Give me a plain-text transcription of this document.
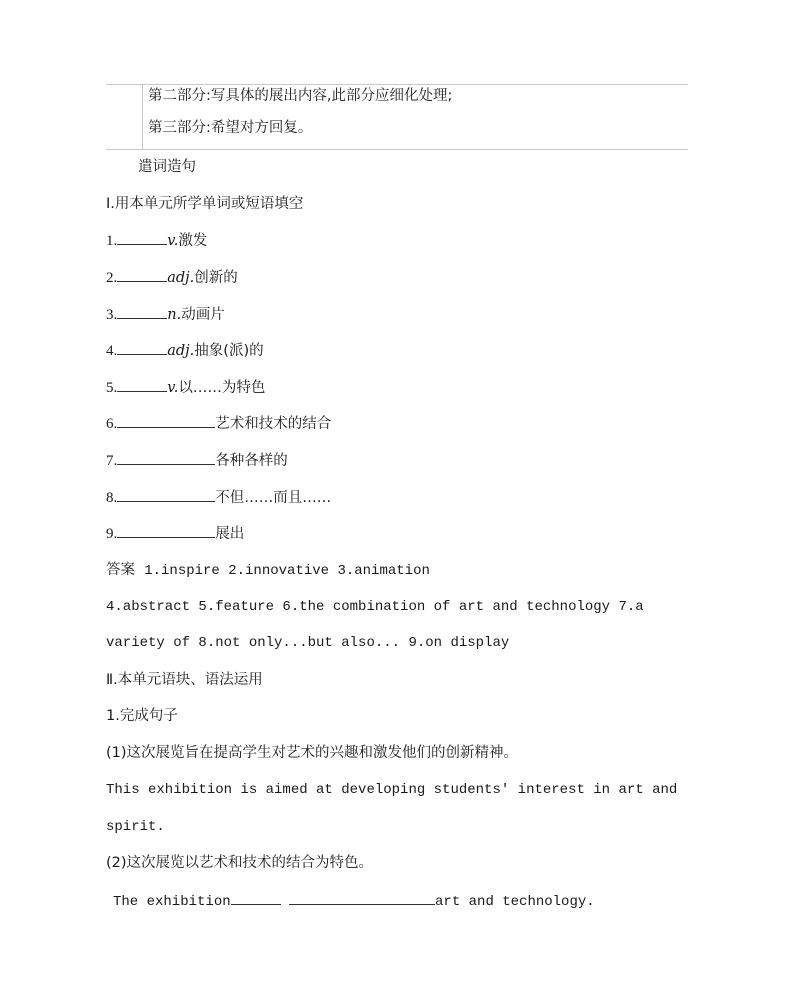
第二部分:写具体的展出内容,此部分应细化处理;
第三部分:希望对方回复。
遣词造句
Ⅰ.用本单元所学单词或短语填空
1.	v.激发
2.	adj.创新的
3.	n.动画片
4.	adj.抽象(派)的
5.	v.以……为特色
6.	艺术和技术的结合
7.	各种各样的
8.	不但……而且……
9.	展出
答案 1.inspire 2.innovative 3.animation
4.abstract 5.feature 6.the combination of art and technology 7.a
variety of 8.not only...but also... 9.on display
Ⅱ.本单元语块、语法运用
1.完成句子
(1)这次展览旨在提高学生对艺术的兴趣和激发他们的创新精神。
This exhibition is aimed at developing students' interest in art and
spirit.
(2)这次展览以艺术和技术的结合为特色。
The exhibition	art and technology.
